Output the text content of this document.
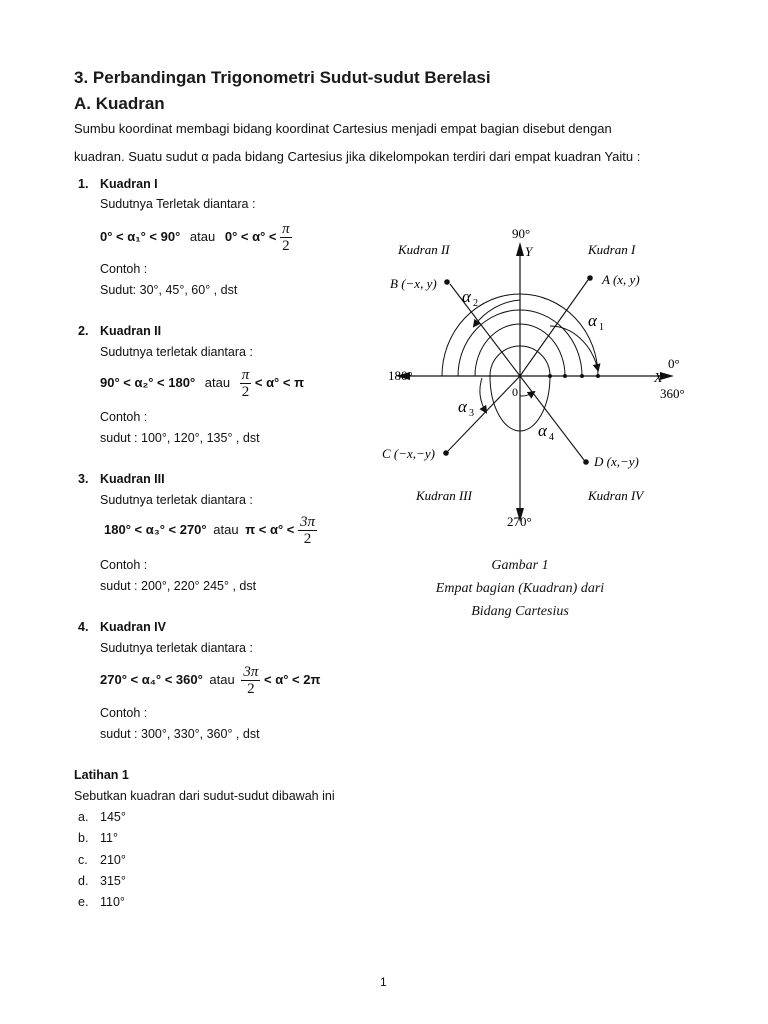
3. Perbandingan Trigonometri Sudut-sudut Berelasi
A. Kuadran
Sumbu koordinat membagi bidang koordinat Cartesius menjadi empat bagian disebut dengan
kuadran. Suatu sudut α pada bidang Cartesius jika dikelompokan terdiri dari empat kuadran Yaitu :
1. Kuadran I
Sudutnya Terletak diantara :
0° < α₁° < 90° atau $0^\circ < \alpha^\circ < \frac{\pi}{2}$
Contoh :
Sudut: 30°, 45°, 60° , dst
2. Kuadran II
Sudutnya terletak diantara :
90° < α₂° < 180° atau $\frac{\pi}{2} < \alpha^\circ < \pi$
Contoh :
sudut : 100°, 120°, 135° , dst
3. Kuadran III
Sudutnya terletak diantara :
180° < α₃° < 270° atau $\pi < \alpha^\circ < \frac{3\pi}{2}$
Contoh :
sudut : 200°, 220° 245° , dst
4. Kuadran IV
Sudutnya terletak diantara :
270° < α₄° < 360° atau $\frac{3\pi}{2} < \alpha^\circ < 2\pi$
Contoh :
sudut : 300°, 330°, 360° , dst
90°
Y
180°
0°
X
360°
270°
0
Kudran II	Kudran I
Kudran III	Kudran IV
A (x, y)
B (−x, y)
C (−x,−y)
D (x,−y)
α 1
α 2
α 3
α 4
Gambar 1
Empat bagian (Kuadran) dari
Bidang Cartesius
Latihan 1
Sebutkan kuadran dari sudut-sudut dibawah ini
a. 145°
b. 11°
c. 210°
d. 315°
e. 110°
1
